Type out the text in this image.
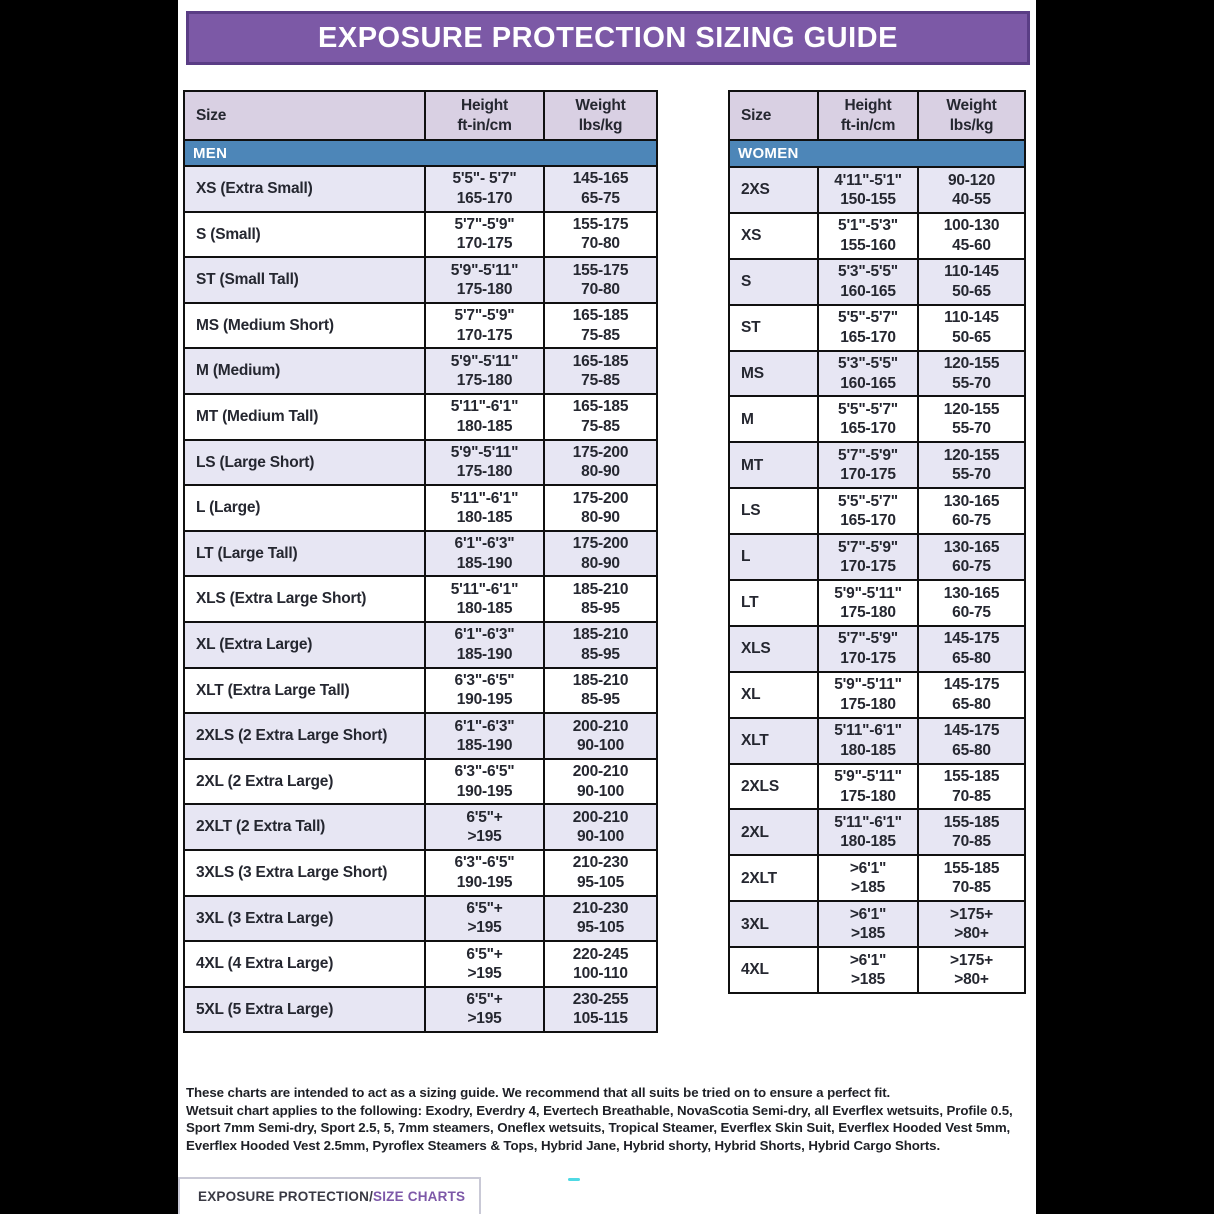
EXPOSURE PROTECTION SIZING GUIDE
Size
Height
ft-in/cm
Weight
lbs/kg
MEN
XS (Extra Small)
5'5"- 5'7"
165-170
145-165
65-75
S (Small)
5'7"-5'9"
170-175
155-175
70-80
ST (Small Tall)
5'9"-5'11"
175-180
155-175
70-80
MS (Medium Short)
5'7"-5'9"
170-175
165-185
75-85
M (Medium)
5'9"-5'11"
175-180
165-185
75-85
MT (Medium Tall)
5'11"-6'1"
180-185
165-185
75-85
LS (Large Short)
5'9"-5'11"
175-180
175-200
80-90
L (Large)
5'11"-6'1"
180-185
175-200
80-90
LT (Large Tall)
6'1"-6'3"
185-190
175-200
80-90
XLS (Extra Large Short)
5'11"-6'1"
180-185
185-210
85-95
XL (Extra Large)
6'1"-6'3"
185-190
185-210
85-95
XLT (Extra Large Tall)
6'3"-6'5"
190-195
185-210
85-95
2XLS (2 Extra Large Short)
6'1"-6'3"
185-190
200-210
90-100
2XL (2 Extra Large)
6'3"-6'5"
190-195
200-210
90-100
2XLT (2 Extra Tall)
6'5"+
>195
200-210
90-100
3XLS (3 Extra Large Short)
6'3"-6'5"
190-195
210-230
95-105
3XL (3 Extra Large)
6'5"+
>195
210-230
95-105
4XL (4 Extra Large)
6'5"+
>195
220-245
100-110
5XL (5 Extra Large)
6'5"+
>195
230-255
105-115
Size
Height
ft-in/cm
Weight
lbs/kg
WOMEN
2XS
4'11"-5'1"
150-155
90-120
40-55
XS
5'1"-5'3"
155-160
100-130
45-60
S
5'3"-5'5"
160-165
110-145
50-65
ST
5'5"-5'7"
165-170
110-145
50-65
MS
5'3"-5'5"
160-165
120-155
55-70
M
5'5"-5'7"
165-170
120-155
55-70
MT
5'7"-5'9"
170-175
120-155
55-70
LS
5'5"-5'7"
165-170
130-165
60-75
L
5'7"-5'9"
170-175
130-165
60-75
LT
5'9"-5'11"
175-180
130-165
60-75
XLS
5'7"-5'9"
170-175
145-175
65-80
XL
5'9"-5'11"
175-180
145-175
65-80
XLT
5'11"-6'1"
180-185
145-175
65-80
2XLS
5'9"-5'11"
175-180
155-185
70-85
2XL
5'11"-6'1"
180-185
155-185
70-85
2XLT
>6'1"
>185
155-185
70-85
3XL
>6'1"
>185
>175+
>80+
4XL
>6'1"
>185
>175+
>80+

These charts are intended to act as a sizing guide. We recommend that all suits be tried on to ensure a perfect fit.

Wetsuit chart applies to the following: Exodry, Everdry 4, Evertech Breathable, NovaScotia Semi-dry, all Everflex wetsuits, Profile 0.5, Sport 7mm Semi-dry, Sport 2.5, 5, 7mm steamers, Oneflex wetsuits, Tropical Steamer, Everflex Skin Suit, Everflex Hooded Vest 5mm, Everflex Hooded Vest 2.5mm, Pyroflex Steamers & Tops, Hybrid Jane, Hybrid shorty, Hybrid Shorts, Hybrid Cargo Shorts.

EXPOSURE PROTECTION / SIZE CHARTS
